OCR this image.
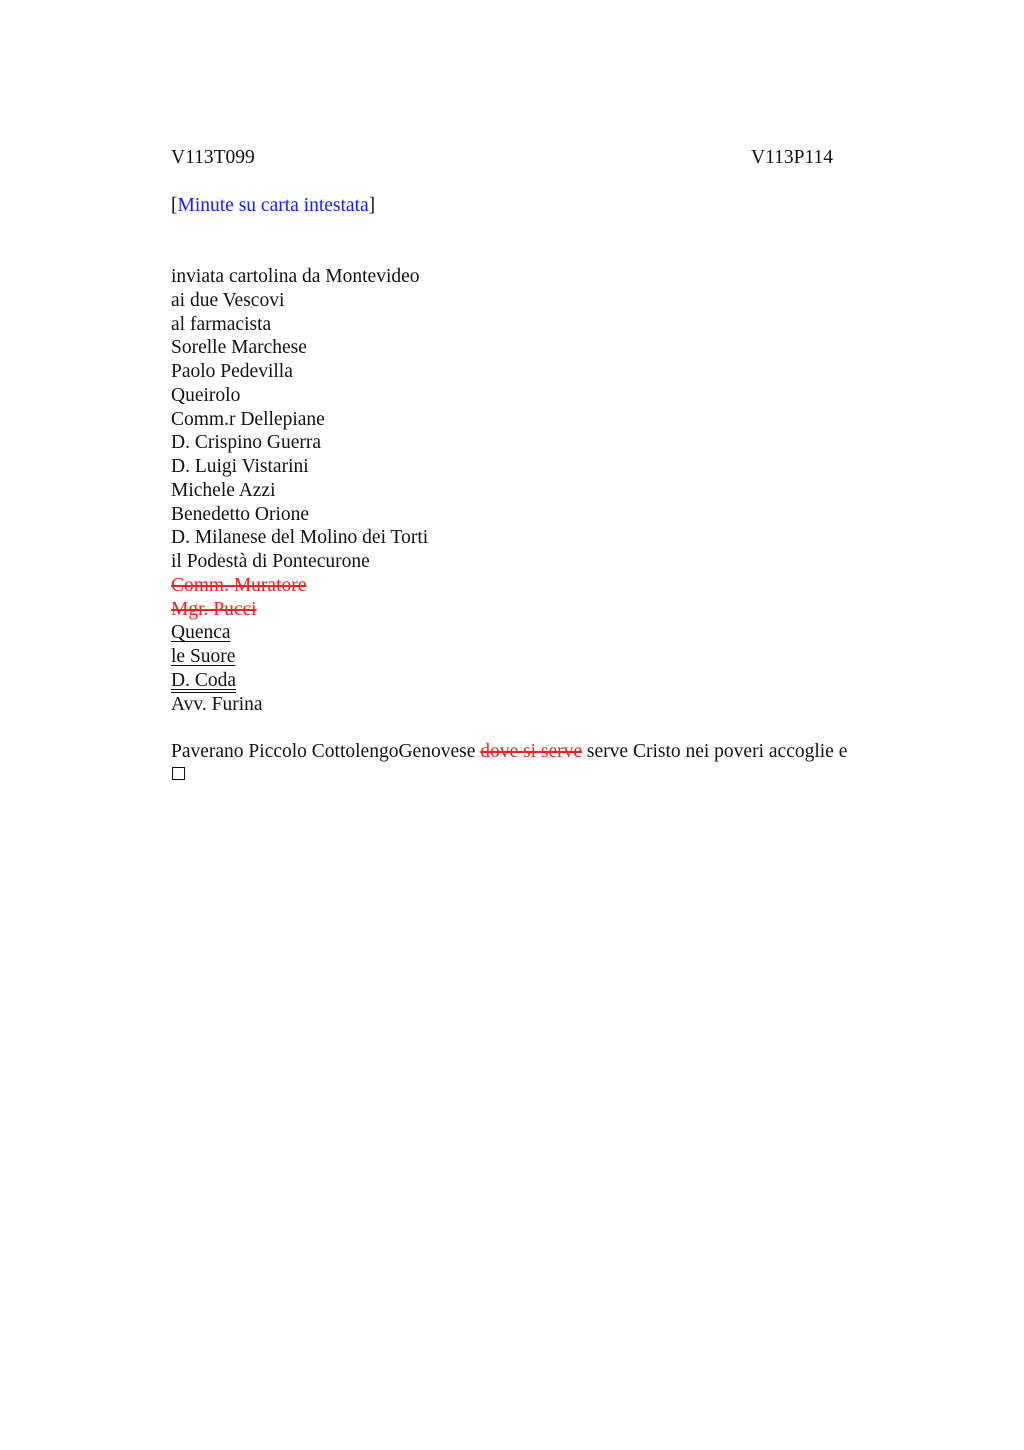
V113T099	V113P114
[Minute su carta intestata]
inviata cartolina da Montevideo
ai due Vescovi
al farmacista
Sorelle Marchese
Paolo Pedevilla
Queirolo
Comm.r Dellepiane
D. Crispino Guerra
D. Luigi Vistarini
Michele Azzi
Benedetto Orione
D. Milanese del Molino dei Torti
il Podestà di Pontecurone
Comm. Muratore
Mgr. Pucci
Quenca
le Suore
D. Coda
Avv. Furina
Paverano Piccolo CottolengoGenovese dove si serve serve Cristo nei poveri accoglie e
